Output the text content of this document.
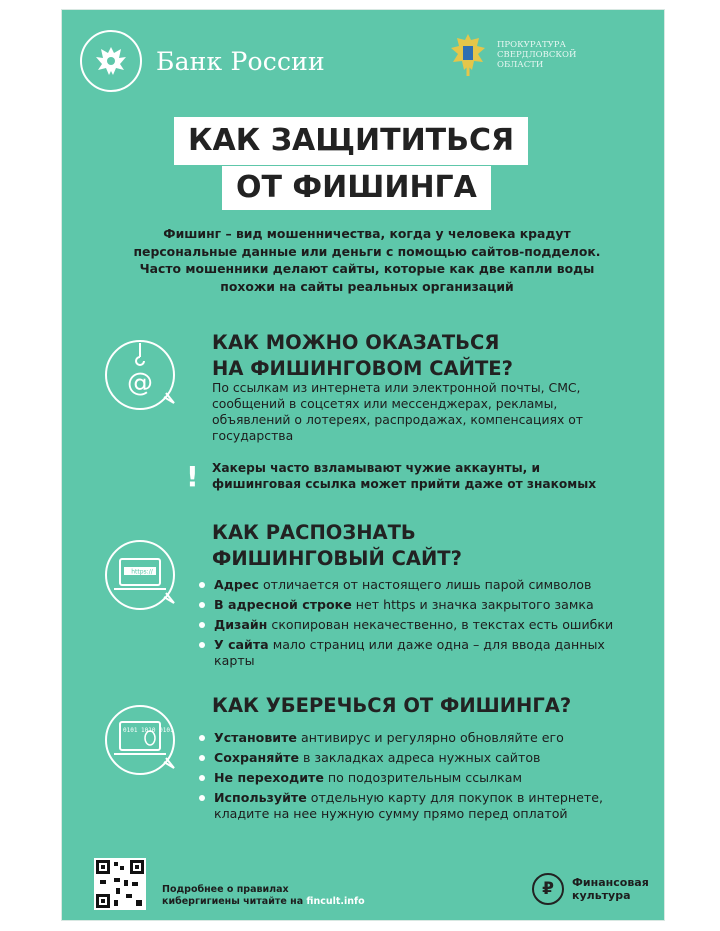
Банк России
ПРОКУРАТУРА СВЕРДЛОВСКОЙ ОБЛАСТИ
КАК ЗАЩИТИТЬСЯ
ОТ ФИШИНГА
Фишинг – вид мошенничества, когда у человека крадут персональные данные или деньги с помощью сайтов-подделок. Часто мошенники делают сайты, которые как две капли воды похожи на сайты реальных организаций
@
КАК МОЖНО ОКАЗАТЬСЯ
НА ФИШИНГОВОМ САЙТЕ?
По ссылкам из интернета или электронной почты, СМС, сообщений в соцсетях или мессенджерах, рекламы, объявлений о лотереях, распродажах, компенсациях от государства
! Хакеры часто взламывают чужие аккаунты, и фишинговая ссылка может прийти даже от знакомых
https://
КАК РАСПОЗНАТЬ
ФИШИНГОВЫЙ САЙТ?
Адрес отличается от настоящего лишь парой символов
В адресной строке нет https и значка закрытого замка
Дизайн скопирован некачественно, в текстах есть ошибки
У сайта мало страниц или даже одна – для ввода данных карты
0101 1010 0101
КАК УБЕРЕЧЬСЯ ОТ ФИШИНГА?
Установите антивирус и регулярно обновляйте его
Сохраняйте в закладках адреса нужных сайтов
Не переходите по подозрительным ссылкам
Используйте отдельную карту для покупок в интернете, кладите на нее нужную сумму прямо перед оплатой
Подробнее о правилах
кибергигиены читайте на fincult.info
₽	Финансовая
культура
